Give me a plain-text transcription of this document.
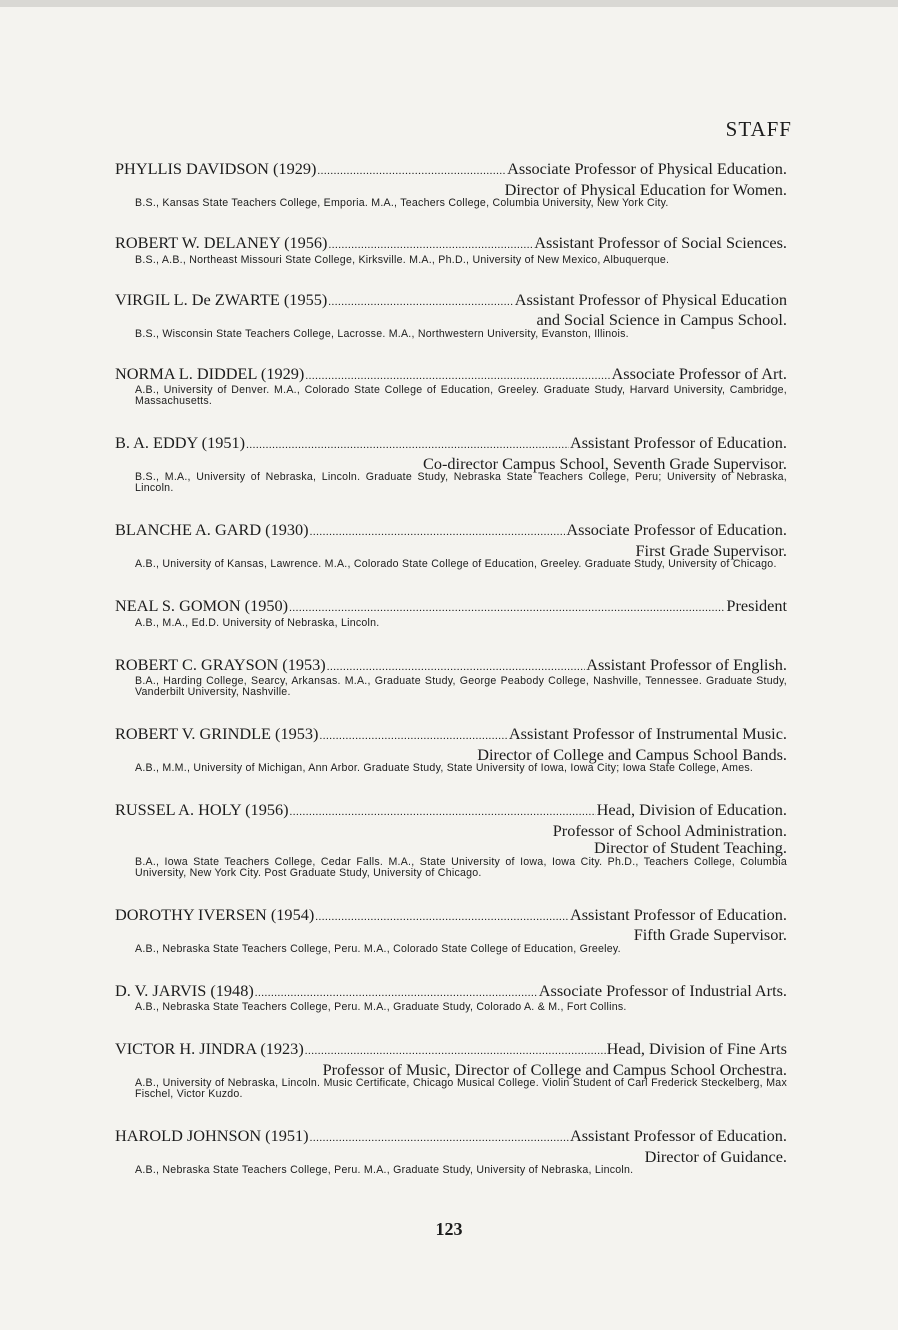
STAFF
PHYLLIS DAVIDSON (1929) .....	Associate Professor of Physical Education.
Director of Physical Education for Women.
B.S., Kansas State Teachers College, Emporia. M.A., Teachers College, Columbia University, New York City.
ROBERT W. DELANEY (1956) .....	Assistant Professor of Social Sciences.
B.S., A.B., Northeast Missouri State College, Kirksville. M.A., Ph.D., University of New Mexico, Albuquerque.
VIRGIL L. De ZWARTE (1955) .....	Assistant Professor of Physical Education
and Social Science in Campus School.
B.S., Wisconsin State Teachers College, Lacrosse. M.A., Northwestern University, Evanston, Illinois.
NORMA L. DIDDEL (1929) .....	Associate Professor of Art.
A.B., University of Denver. M.A., Colorado State College of Education, Greeley. Graduate Study, Harvard University, Cambridge, Massachusetts.
B. A. EDDY (1951) .....	Assistant Professor of Education.
Co-director Campus School, Seventh Grade Supervisor.
B.S., M.A., University of Nebraska, Lincoln. Graduate Study, Nebraska State Teachers College, Peru; University of Nebraska, Lincoln.
BLANCHE A. GARD (1930) .....	Associate Professor of Education.
First Grade Supervisor.
A.B., University of Kansas, Lawrence. M.A., Colorado State College of Education, Greeley. Graduate Study, University of Chicago.
NEAL S. GOMON (1950) .....	President
A.B., M.A., Ed.D. University of Nebraska, Lincoln.
ROBERT C. GRAYSON (1953) .....	Assistant Professor of English.
B.A., Harding College, Searcy, Arkansas. M.A., Graduate Study, George Peabody College, Nashville, Tennessee. Graduate Study, Vanderbilt University, Nashville.
ROBERT V. GRINDLE (1953) .....	Assistant Professor of Instrumental Music.
Director of College and Campus School Bands.
A.B., M.M., University of Michigan, Ann Arbor. Graduate Study, State University of Iowa, Iowa City; Iowa State College, Ames.
RUSSEL A. HOLY (1956) .....	Head, Division of Education.
Professor of School Administration.
Director of Student Teaching.
B.A., Iowa State Teachers College, Cedar Falls. M.A., State University of Iowa, Iowa City. Ph.D., Teachers College, Columbia University, New York City. Post Graduate Study, University of Chicago.
DOROTHY IVERSEN (1954) .....	Assistant Professor of Education.
Fifth Grade Supervisor.
A.B., Nebraska State Teachers College, Peru. M.A., Colorado State College of Education, Greeley.
D. V. JARVIS (1948) .....	Associate Professor of Industrial Arts.
A.B., Nebraska State Teachers College, Peru. M.A., Graduate Study, Colorado A. & M., Fort Collins.
VICTOR H. JINDRA (1923) .....	Head, Division of Fine Arts
Professor of Music, Director of College and Campus School Orchestra.
A.B., University of Nebraska, Lincoln. Music Certificate, Chicago Musical College. Violin Student of Carl Frederick Steckelberg, Max Fischel, Victor Kuzdo.
HAROLD JOHNSON (1951) .....	Assistant Professor of Education.
Director of Guidance.
A.B., Nebraska State Teachers College, Peru. M.A., Graduate Study, University of Nebraska, Lincoln.
123
